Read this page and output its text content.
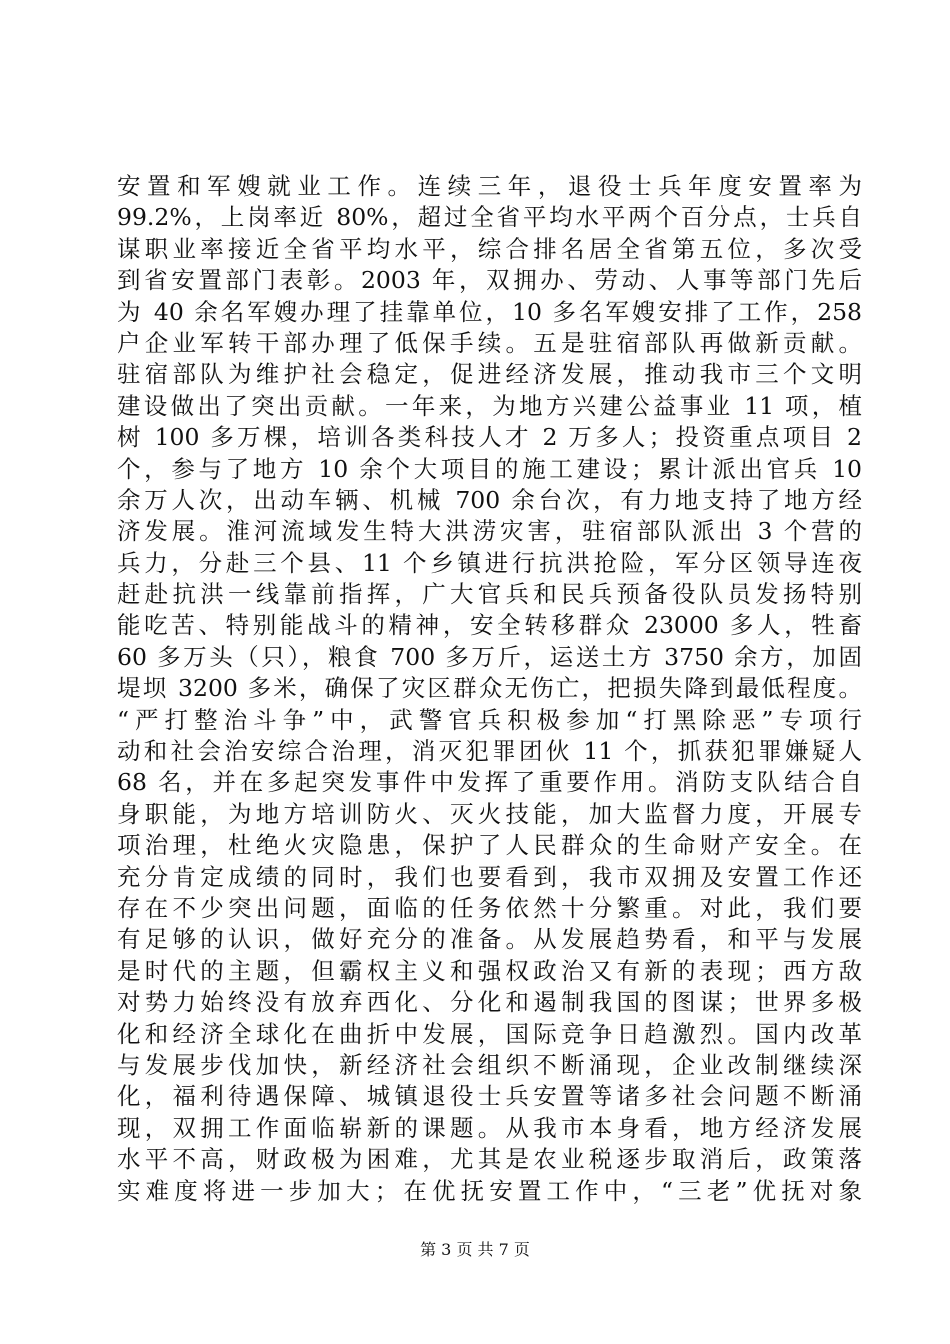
安置和军嫂就业工作。连续三年，退役士兵年度安置率为
99.2%，上岗率近 80%，超过全省平均水平两个百分点，士兵自
谋职业率接近全省平均水平，综合排名居全省第五位，多次受
到省安置部门表彰。2003 年，双拥办、劳动、人事等部门先后
为 40 余名军嫂办理了挂靠单位，10 多名军嫂安排了工作，258
户企业军转干部办理了低保手续。五是驻宿部队再做新贡献。
驻宿部队为维护社会稳定，促进经济发展，推动我市三个文明
建设做出了突出贡献。一年来，为地方兴建公益事业 11 项，植
树 100 多万棵，培训各类科技人才 2 万多人；投资重点项目 2
个，参与了地方 10 余个大项目的施工建设；累计派出官兵 10
余万人次，出动车辆、机械 700 余台次，有力地支持了地方经
济发展。淮河流域发生特大洪涝灾害，驻宿部队派出 3 个营的
兵力，分赴三个县、11 个乡镇进行抗洪抢险，军分区领导连夜
赶赴抗洪一线靠前指挥，广大官兵和民兵预备役队员发扬特别
能吃苦、特别能战斗的精神，安全转移群众 23000 多人，牲畜
60 多万头（只），粮食 700 多万斤，运送土方 3750 余方，加固
堤坝 3200 多米，确保了灾区群众无伤亡，把损失降到最低程度。
“严打整治斗争”中，武警官兵积极参加“打黑除恶”专项行
动和社会治安综合治理，消灭犯罪团伙 11 个，抓获犯罪嫌疑人
68 名，并在多起突发事件中发挥了重要作用。消防支队结合自
身职能，为地方培训防火、灭火技能，加大监督力度，开展专
项治理，杜绝火灾隐患，保护了人民群众的生命财产安全。在
充分肯定成绩的同时，我们也要看到，我市双拥及安置工作还
存在不少突出问题，面临的任务依然十分繁重。对此，我们要
有足够的认识，做好充分的准备。从发展趋势看，和平与发展
是时代的主题，但霸权主义和强权政治又有新的表现；西方敌
对势力始终没有放弃西化、分化和遏制我国的图谋；世界多极
化和经济全球化在曲折中发展，国际竞争日趋激烈。国内改革
与发展步伐加快，新经济社会组织不断涌现，企业改制继续深
化，福利待遇保障、城镇退役士兵安置等诸多社会问题不断涌
现，双拥工作面临崭新的课题。从我市本身看，地方经济发展
水平不高，财政极为困难，尤其是农业税逐步取消后，政策落
实难度将进一步加大；在优抚安置工作中，“三老”优抚对象
第 3 页 共 7 页
